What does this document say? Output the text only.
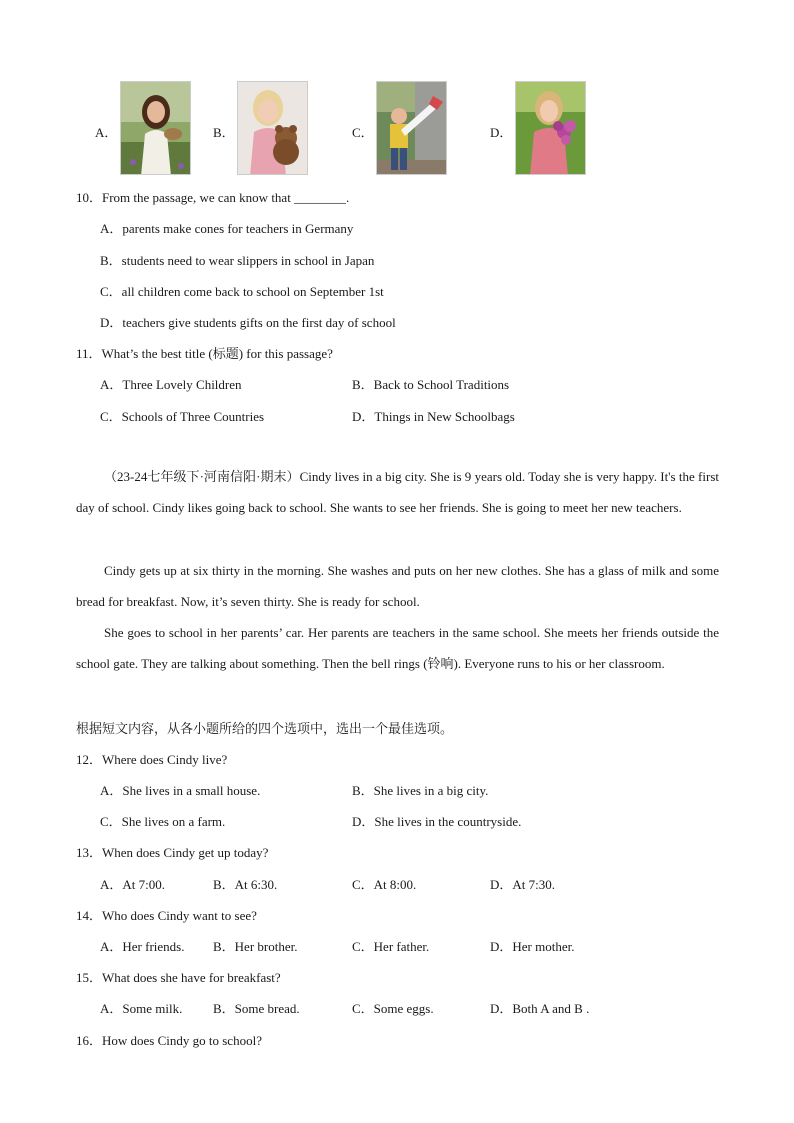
A．	B．	C．	D．
10．From the passage, we can know that ________.
A．parents make cones for teachers in Germany
B．students need to wear slippers in school in Japan
C．all children come back to school on September 1st
D．teachers give students gifts on the first day of school
11．What’s the best title (标题) for this passage?
A．Three Lovely Children	B．Back to School Traditions
C．Schools of Three Countries	D．Things in New Schoolbags
（23-24七年级下·河南信阳·期末）Cindy lives in a big city. She is 9 years old. Today she is very happy. It's the first day of school. Cindy likes going back to school. She wants to see her friends. She is going to meet her new teachers.
Cindy gets up at six thirty in the morning. She washes and puts on her new clothes. She has a glass of milk and some bread for breakfast. Now, it’s seven thirty. She is ready for school.
She goes to school in her parents’ car. Her parents are teachers in the same school. She meets her friends outside the school gate. They are talking about something. Then the bell rings (铃响). Everyone runs to his or her classroom.
根据短文内容，从各小题所给的四个选项中，选出一个最佳选项。
12．Where does Cindy live?
A．She lives in a small house.	B．She lives in a big city.
C．She lives on a farm.	D．She lives in the countryside.
13．When does Cindy get up today?
A．At 7:00.	B．At 6:30.	C．At 8:00.	D．At 7:30.
14．Who does Cindy want to see?
A．Her friends. B．Her brother.	C．Her father.	D．Her mother.
15．What does she have for breakfast?
A．Some milk. B．Some bread.	C．Some eggs.	D．Both A and B .
16．How does Cindy go to school?
